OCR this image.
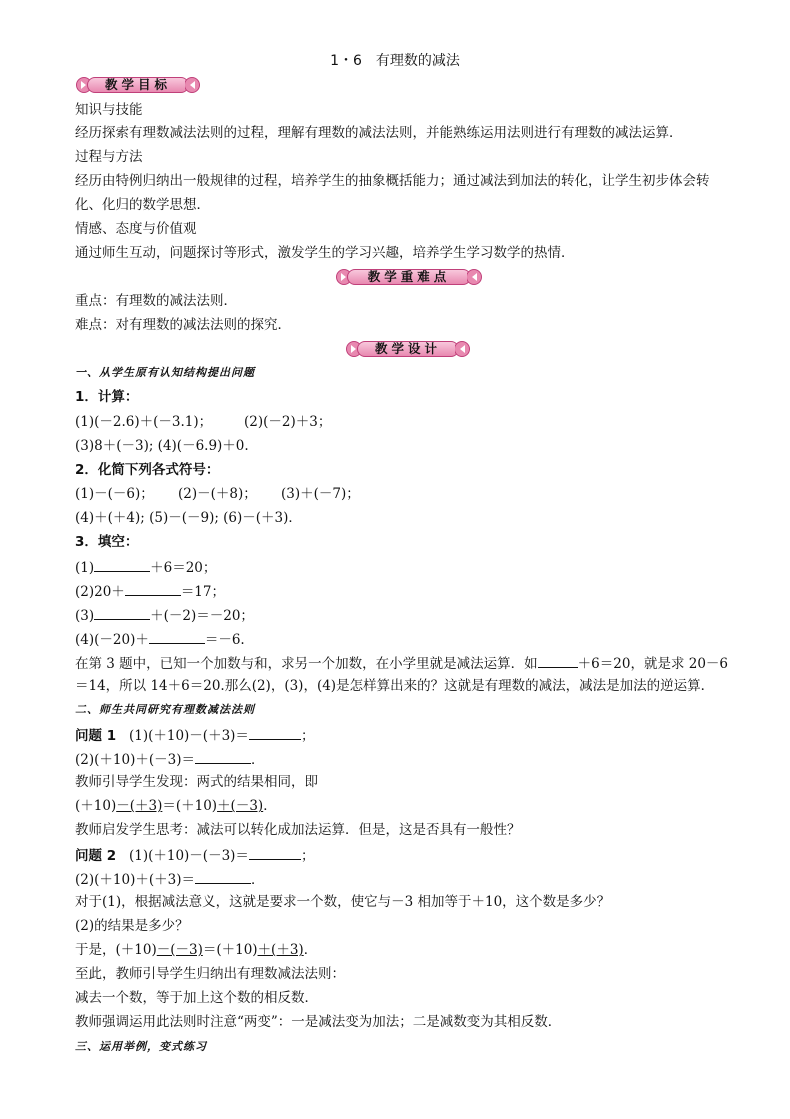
1・6　有理数的减法
教学目标
知识与技能
经历探索有理数减法法则的过程，理解有理数的减法法则，并能熟练运用法则进行有理数的减法运算．
过程与方法
经历由特例归纳出一般规律的过程，培养学生的抽象概括能力；通过减法到加法的转化，让学生初步体会转
化、化归的数学思想．
情感、态度与价值观
通过师生互动，问题探讨等形式，激发学生的学习兴趣，培养学生学习数学的热情．
教学重难点
重点：有理数的减法法则．
难点：对有理数的减法法则的探究．
教学设计
一、从学生原有认知结构提出问题
1．计算：
(1)(－2.6)＋(－3.1)； (2)(－2)＋3；
(3)8＋(－3); (4)(－6.9)＋0.
2．化简下列各式符号：
(1)－(－6)； (2)－(＋8)； (3)＋(－7)；
(4)＋(＋4); (5)－(－9); (6)－(＋3)．
3．填空：
(1)	＋6＝20；
(2)20＋	＝17；
(3)	＋(－2)＝－20；
(4)(－20)＋	＝－6.
在第 3 题中，已知一个加数与和，求另一个加数，在小学里就是减法运算．如	＋6＝20，就是求 20－6
＝14，所以 14＋6＝20.那么(2)，(3)，(4)是怎样算出来的？这就是有理数的减法，减法是加法的逆运算．
二、师生共同研究有理数减法法则
问题 1 (1)(＋10)－(＋3)＝	；
(2)(＋10)＋(－3)＝	．
教师引导学生发现：两式的结果相同，即
(＋10)－(＋3)＝(＋10)＋(－3)．
教师启发学生思考：减法可以转化成加法运算．但是，这是否具有一般性？
问题 2 (1)(＋10)－(－3)＝	；
(2)(＋10)＋(＋3)＝	．
对于(1)，根据减法意义，这就是要求一个数，使它与－3 相加等于＋10，这个数是多少？
(2)的结果是多少？
于是，(＋10)－(－3)＝(＋10)＋(＋3)．
至此，教师引导学生归纳出有理数减法法则：
减去一个数，等于加上这个数的相反数．
教师强调运用此法则时注意“两变”：一是减法变为加法；二是减数变为其相反数．
三、运用举例，变式练习
